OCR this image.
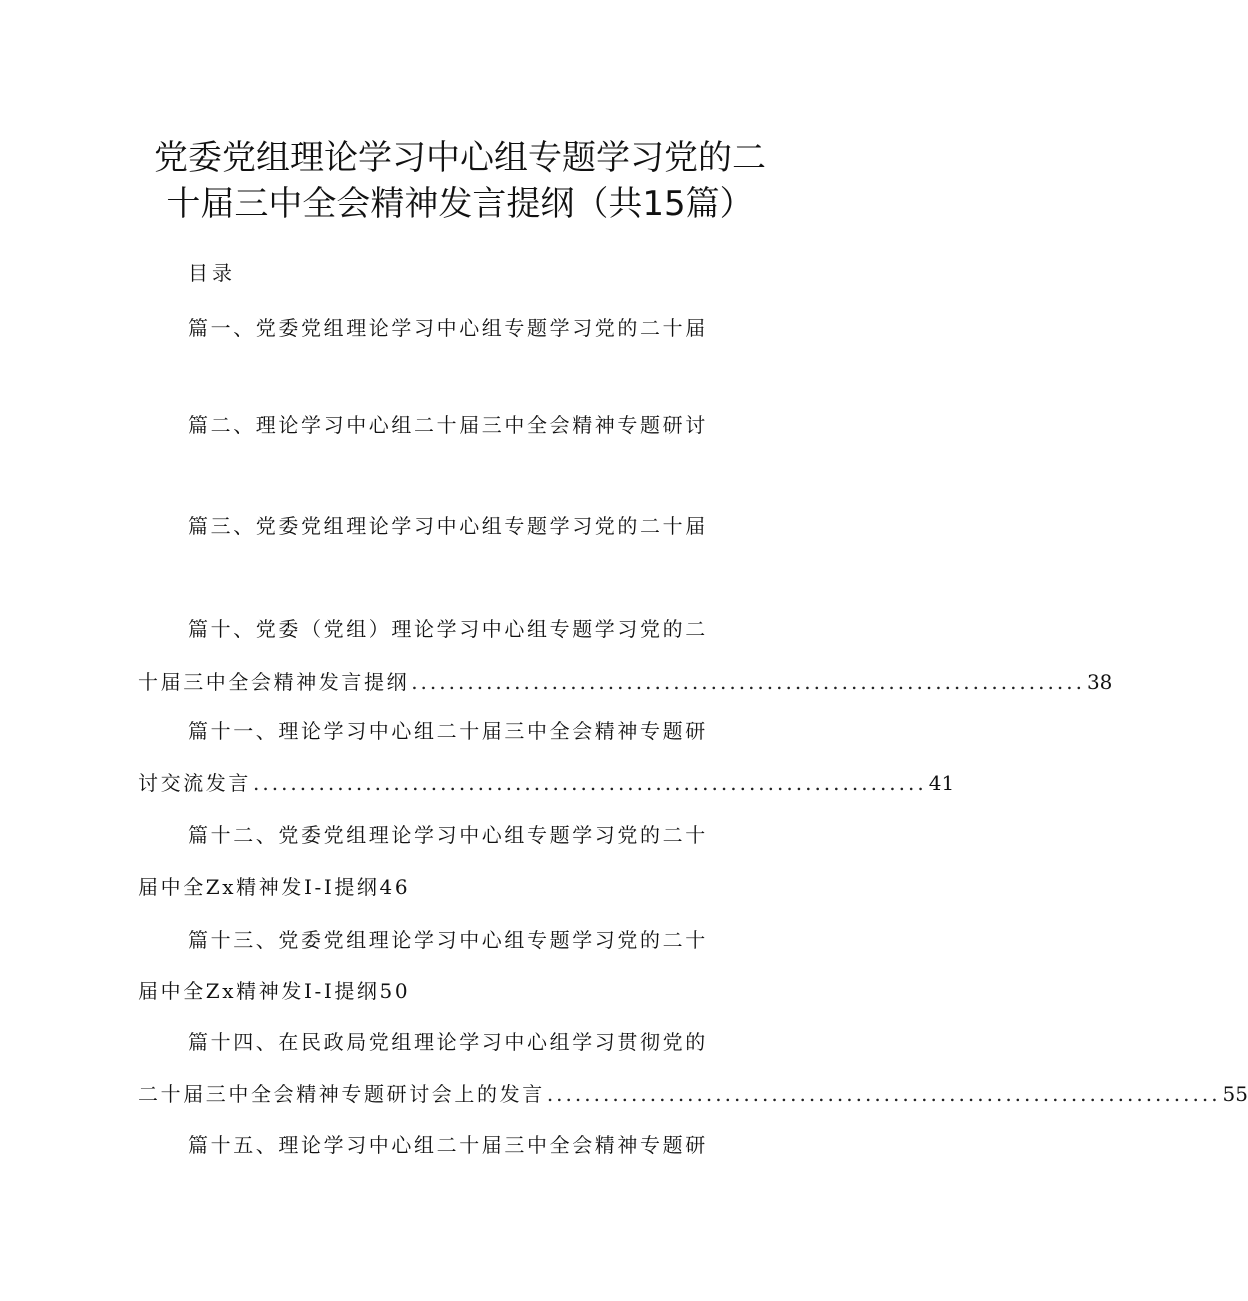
党委党组理论学习中心组专题学习党的二
十届三中全会精神发言提纲（共15篇）
目录
篇一、党委党组理论学习中心组专题学习党的二十届
篇二、理论学习中心组二十届三中全会精神专题研讨
篇三、党委党组理论学习中心组专题学习党的二十届
篇十、党委（党组）理论学习中心组专题学习党的二
十届三中全会精神发言提纲 ........................................................................ 38
篇十一、理论学习中心组二十届三中全会精神专题研
讨交流发言 ........................................................................ 41
篇十二、党委党组理论学习中心组专题学习党的二十
届中全Zx精神发I-I提纲46
篇十三、党委党组理论学习中心组专题学习党的二十
届中全Zx精神发I-I提纲50
篇十四、在民政局党组理论学习中心组学习贯彻党的
二十届三中全会精神专题研讨会上的发言 ........................................................................ 55
篇十五、理论学习中心组二十届三中全会精神专题研
